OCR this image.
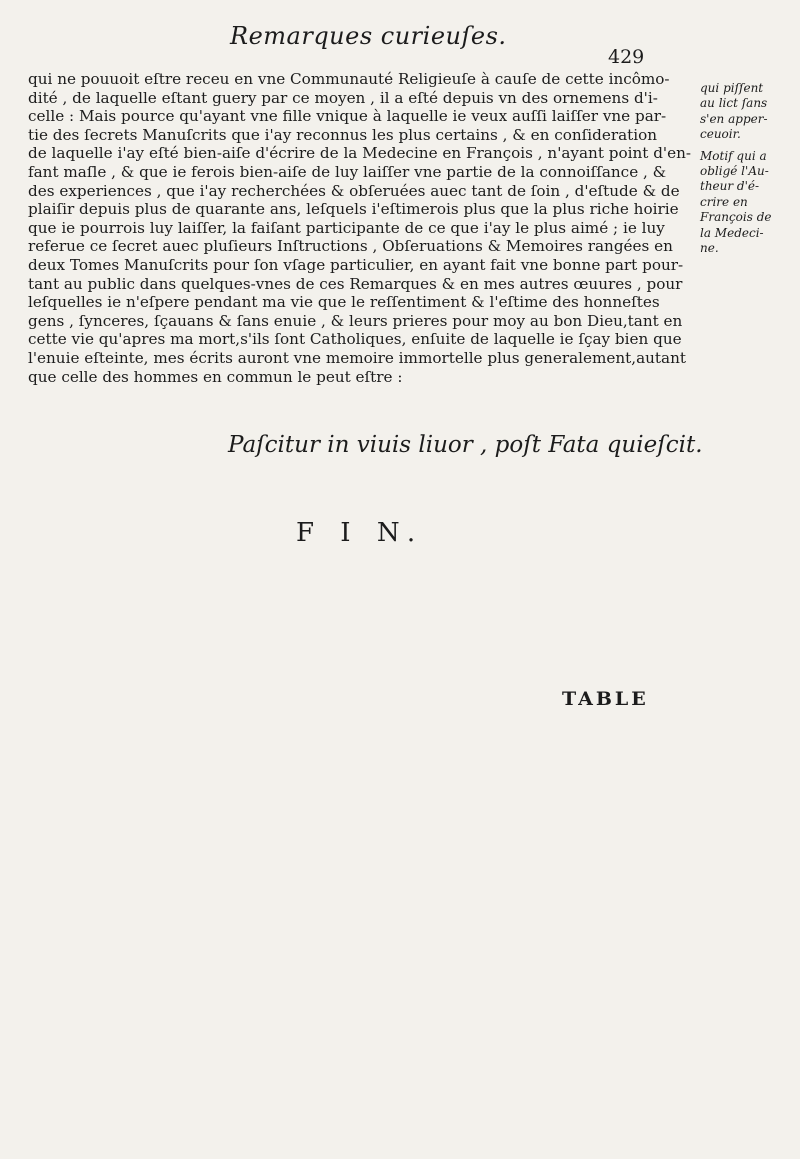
Remarques curieuſes.
429
qui ne pouuoit eſtre receu en vne Communauté Religieuſe à cauſe de cette incômo-
dité , de laquelle eſtant guery par ce moyen , il a eſté depuis vn des ornemens d'i-
celle : Mais pource qu'ayant vne fille vnique à laquelle ie veux auſſi laiſſer vne par-
tie des ſecrets Manuſcrits que i'ay reconnus les plus certains , & en conſideration
de laquelle i'ay eſté bien-aiſe d'écrire de la Medecine en François , n'ayant point d'en-
fant maſle , & que ie ferois bien-aiſe de luy laiſſer vne partie de la connoiſſance , &
des experiences , que i'ay recherchées & obſeruées auec tant de ſoin , d'eſtude & de
plaiſir depuis plus de quarante ans, leſquels i'eſtimerois plus que la plus riche hoirie
que ie pourrois luy laiſſer, la faiſant participante de ce que i'ay le plus aimé ; ie luy
referue ce ſecret auec pluſieurs Inſtructions , Obſeruations & Memoires rangées en
deux Tomes Manuſcrits pour ſon vſage particulier, en ayant fait vne bonne part pour-
tant au public dans quelques-vnes de ces Remarques & en mes autres œuures , pour
leſquelles ie n'eſpere pendant ma vie que le reſſentiment & l'eſtime des honneſtes
gens , ſynceres, ſçauans & ſans enuie , & leurs prieres pour moy au bon Dieu,tant en
cette vie qu'apres ma mort,s'ils ſont Catholiques, enſuite de laquelle ie ſçay bien que
l'enuie eſteinte, mes écrits auront vne memoire immortelle plus generalement,autant
que celle des hommes en commun le peut eſtre :
qui piſſent
au lict ſans
s'en apper-
ceuoir.
Motif qui a
obligé l'Au-
theur d'é-
crire en
François de
la Medeci-
ne.
Paſcitur in viuis liuor , poſt Fata quieſcit.
F I N.
TABLE
